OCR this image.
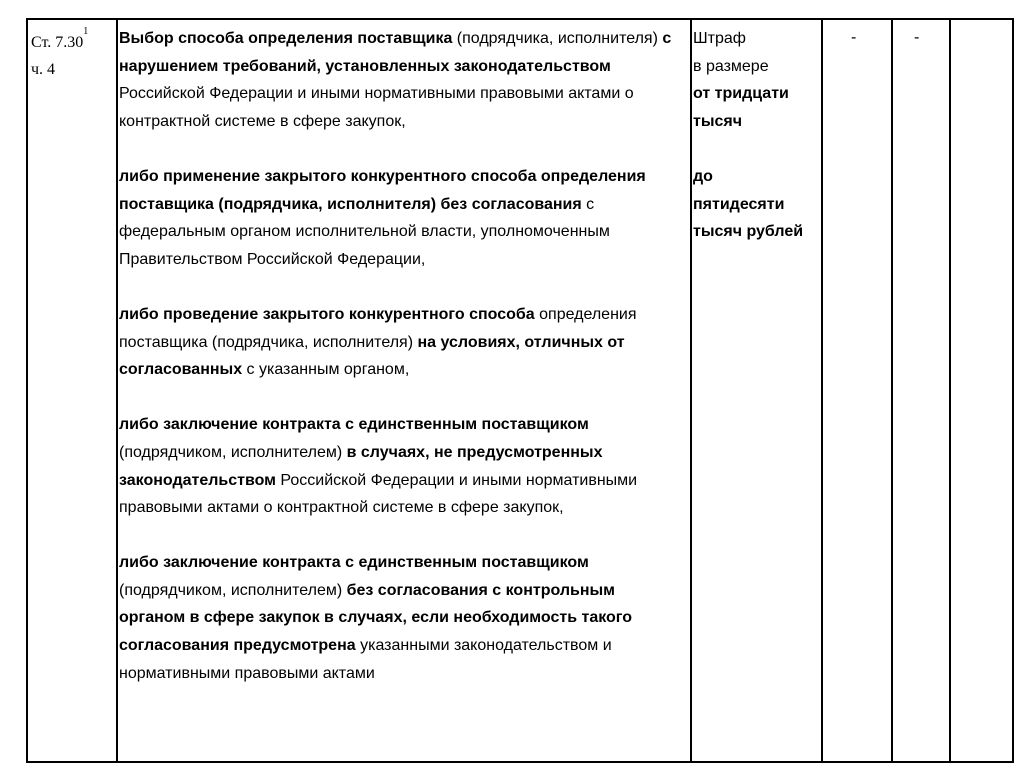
Ст. 7.30$^1$
ч. 4

Выбор способа определения поставщика (подрядчика, исполнителя) с нарушением требований, установленных законодательством Российской Федерации и иными нормативными правовыми актами о контрактной системе в сфере закупок,

либо применение закрытого конкурентного способа определения поставщика (подрядчика, исполнителя) без согласования с федеральным органом исполнительной власти, уполномоченным Правительством Российской Федерации,

либо проведение закрытого конкурентного способа определения поставщика (подрядчика, исполнителя) на условиях, отличных от согласованных с указанным органом,

либо заключение контракта с единственным поставщиком (подрядчиком, исполнителем) в случаях, не предусмотренных законодательством Российской Федерации и иными нормативными правовыми актами о контрактной системе в сфере закупок,

либо заключение контракта с единственным поставщиком (подрядчиком, исполнителем) без согласования с контрольным органом в сфере закупок в случаях, если необходимость такого согласования предусмотрена указанными законодательством и нормативными правовыми актами

Штраф
в размере
от тридцати
тысяч
до
пятидесяти
тысяч рублей
-	-
